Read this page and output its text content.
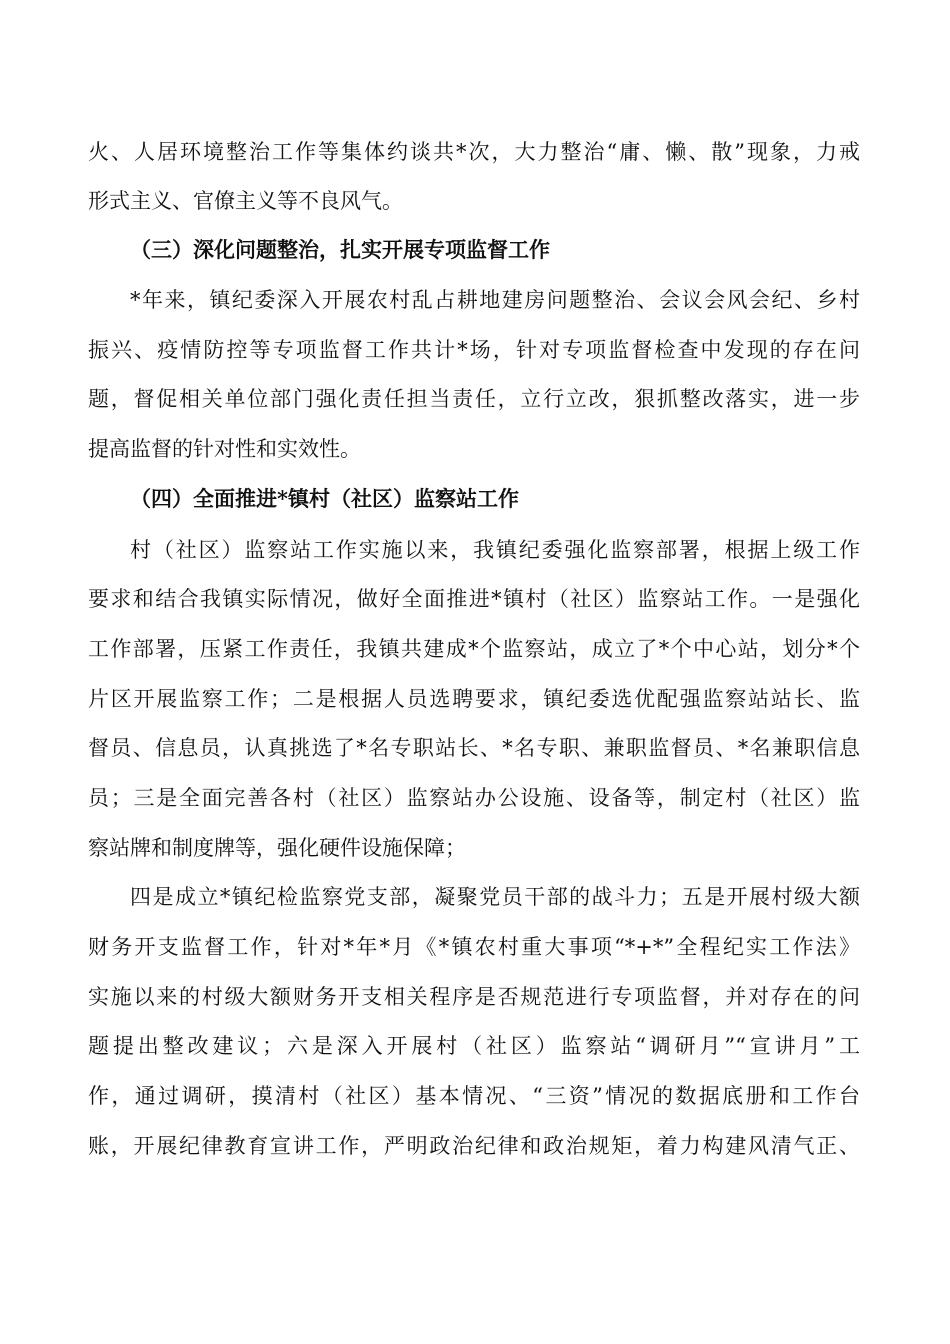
火、人居环境整治工作等集体约谈共*次，大力整治“庸、懒、散”现象，力戒
形式主义、官僚主义等不良风气。
（三）深化问题整治，扎实开展专项监督工作
*年来，镇纪委深入开展农村乱占耕地建房问题整治、会议会风会纪、乡村
振兴、疫情防控等专项监督工作共计*场，针对专项监督检查中发现的存在问
题，督促相关单位部门强化责任担当责任，立行立改，狠抓整改落实，进一步
提高监督的针对性和实效性。
（四）全面推进*镇村（社区）监察站工作
村（社区）监察站工作实施以来，我镇纪委强化监察部署，根据上级工作
要求和结合我镇实际情况，做好全面推进*镇村（社区）监察站工作。一是强化
工作部署，压紧工作责任，我镇共建成*个监察站，成立了*个中心站，划分*个
片区开展监察工作；二是根据人员选聘要求，镇纪委选优配强监察站站长、监
督员、信息员，认真挑选了*名专职站长、*名专职、兼职监督员、*名兼职信息
员；三是全面完善各村（社区）监察站办公设施、设备等，制定村（社区）监
察站牌和制度牌等，强化硬件设施保障；
四是成立*镇纪检监察党支部，凝聚党员干部的战斗力；五是开展村级大额
财务开支监督工作，针对*年*月《*镇农村重大事项“*+*”全程纪实工作法》
实施以来的村级大额财务开支相关程序是否规范进行专项监督，并对存在的问
题提出整改建议；六是深入开展村（社区）监察站“调研月”“宣讲月”工
作，通过调研，摸清村（社区）基本情况、“三资”情况的数据底册和工作台
账，开展纪律教育宣讲工作，严明政治纪律和政治规矩，着力构建风清气正、
